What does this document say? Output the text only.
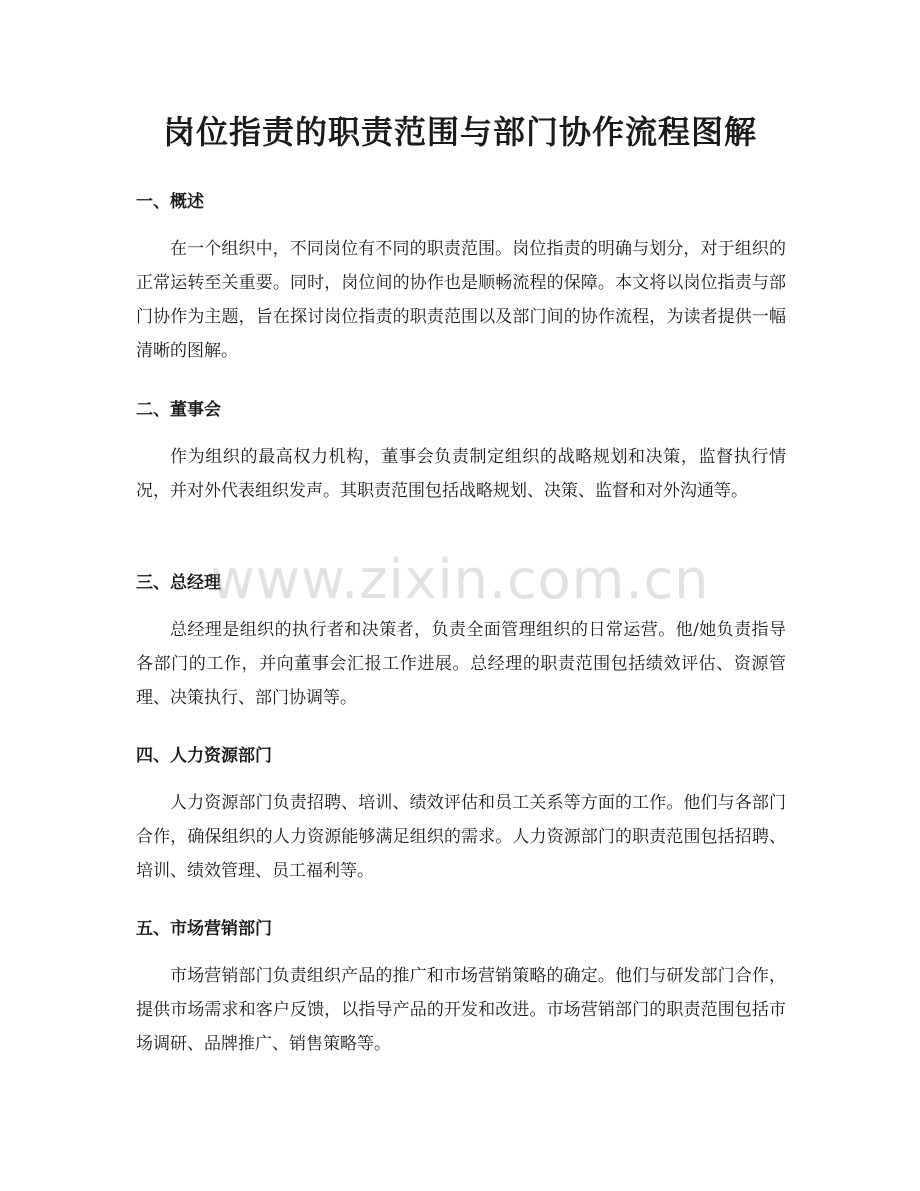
岗位指责的职责范围与部门协作流程图解
一、概述

在一个组织中，不同岗位有不同的职责范围。岗位指责的明确与划分，对于组织的正常运转至关重要。同时，岗位间的协作也是顺畅流程的保障。本文将以岗位指责与部门协作为主题，旨在探讨岗位指责的职责范围以及部门间的协作流程，为读者提供一幅清晰的图解。

二、董事会

作为组织的最高权力机构，董事会负责制定组织的战略规划和决策，监督执行情况，并对外代表组织发声。其职责范围包括战略规划、决策、监督和对外沟通等。

三、总经理

总经理是组织的执行者和决策者，负责全面管理组织的日常运营。他/她负责指导各部门的工作，并向董事会汇报工作进展。总经理的职责范围包括绩效评估、资源管理、决策执行、部门协调等。

四、人力资源部门

人力资源部门负责招聘、培训、绩效评估和员工关系等方面的工作。他们与各部门合作，确保组织的人力资源能够满足组织的需求。人力资源部门的职责范围包括招聘、培训、绩效管理、员工福利等。

五、市场营销部门

市场营销部门负责组织产品的推广和市场营销策略的确定。他们与研发部门合作，提供市场需求和客户反馈，以指导产品的开发和改进。市场营销部门的职责范围包括市场调研、品牌推广、销售策略等。

www.zixin.com.cn
